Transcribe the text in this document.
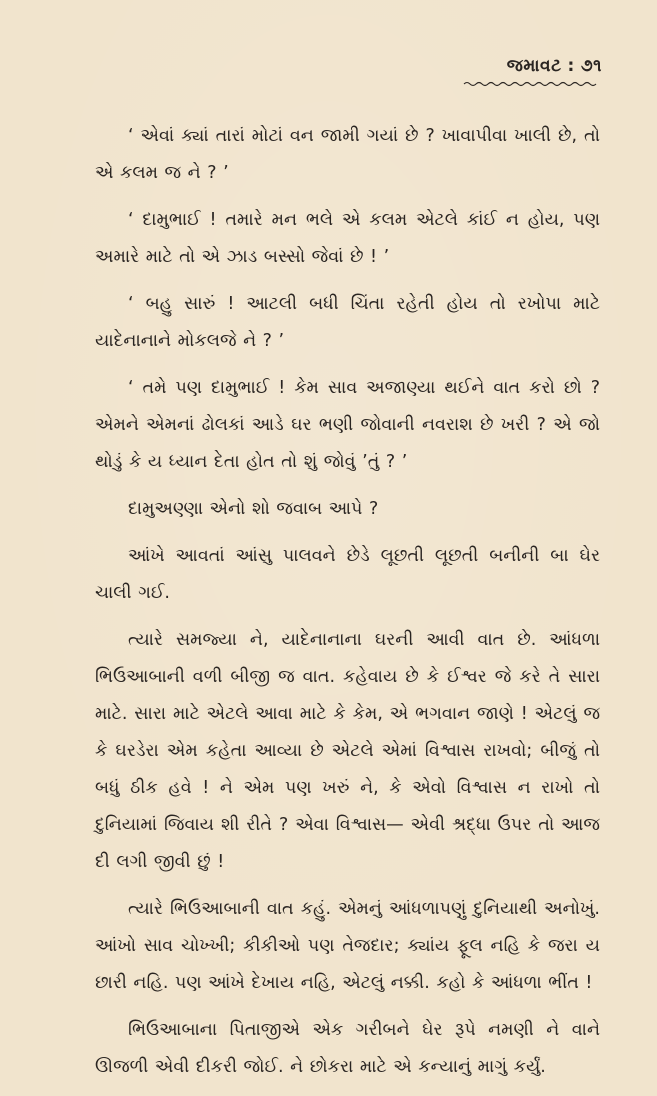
જમાવટ : ૭૧

‘ એવાં ક્યાં તારાં મોટાં વન જામી ગયાં છે ? ખાવાપીવા ખાલી છે, તો એ કલમ જ ને ? ’

‘ દામુભાઈ ! તમારે મન ભલે એ કલમ એટલે કાંઈ ન હોય, પણ અમારે માટે તો એ ઝાડ બસ્સો જેવાં છે ! ’

‘ બહુ સારું ! આટલી બધી ચિંતા રહેતી હોય તો રખોપા માટે યાદેનાનાને મોકલજે ને ? ’

‘ તમે પણ દામુભાઈ ! કેમ સાવ અજાણ્યા થઈને વાત કરો છો ? એમને એમનાં ઢોલકાં આડે ઘર ભણી જોવાની નવરાશ છે ખરી ? એ જો થોડું કે ય ધ્યાન દેતા હોત તો શું જોવું ’તું ? ’

દામુઅણ્ણા એનો શો જવાબ આપે ?

આંખે આવતાં આંસુ પાલવને છેડે લૂછતી લૂછતી બનીની બા ઘેર ચાલી ગઈ.

ત્યારે સમજ્યા ને, યાદેનાનાના ઘરની આવી વાત છે. આંધળા ભિઉઆબાની વળી બીજી જ વાત. કહેવાય છે કે ઈશ્વર જે કરે તે સારા માટે. સારા માટે એટલે આવા માટે કે કેમ, એ ભગવાન જાણે ! એટલું જ કે ઘરડેરા એમ કહેતા આવ્યા છે એટલે એમાં વિશ્વાસ રાખવો; બીજું તો બધું ઠીક હવે ! ને એમ પણ ખરું ને, કે એવો વિશ્વાસ ન રાખો તો દુનિયામાં જિવાય શી રીતે ? એવા વિશ્વાસ— એવી શ્રદ્ધા ઉપર તો આજ દી લગી જીવી છું !

ત્યારે ભિઉઆબાની વાત કહું. એમનું આંધળાપણું દુનિયાથી અનોખું. આંખો સાવ ચોખ્ખી; કીકીઓ પણ તેજદાર; ક્યાંય ફૂલ નહિ કે જરા ય છારી નહિ. પણ આંખે દેખાય નહિ, એટલું નક્કી. કહો કે આંધળા ભીંત !

ભિઉઆબાના પિતાજીએ એક ગરીબને ઘેર રૂપે નમણી ને વાને ઊજળી એવી દીકરી જોઈ. ને છોકરા માટે એ કન્યાનું માગું કર્યું.
